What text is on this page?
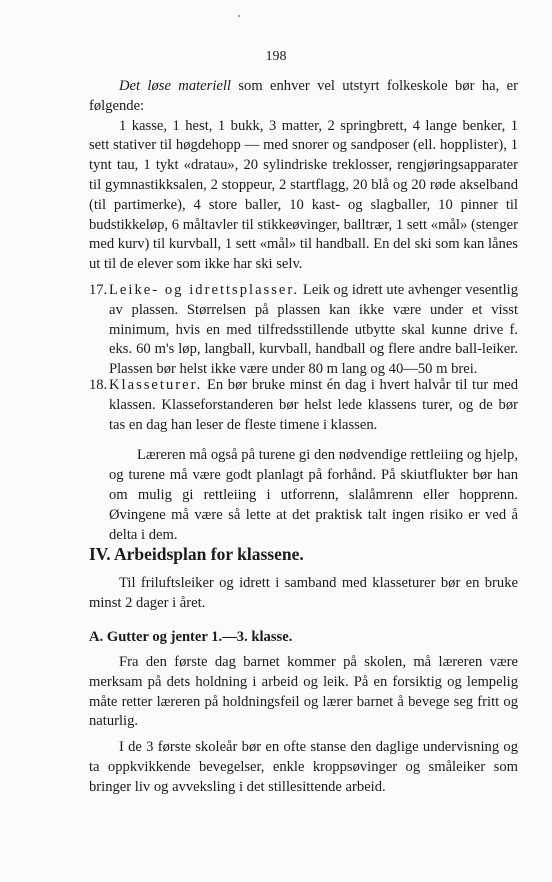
198

Det løse materiell som enhver vel utstyrt folkeskole bør ha, er følgende:

1 kasse, 1 hest, 1 bukk, 3 matter, 2 springbrett, 4 lange benker, 1 sett stativer til høgdehopp — med snorer og sandposer (ell. hopplister), 1 tynt tau, 1 tykt «dratau», 20 sylindriske treklosser, rengjøringsapparater til gymnastikksalen, 2 stoppeur, 2 startflagg, 20 blå og 20 røde akselband (til partimerke), 4 store baller, 10 kast- og slagballer, 10 pinner til budstikkeløp, 6 måltavler til stikkeøvinger, balltrær, 1 sett «mål» (stenger med kurv) til kurvball, 1 sett «mål» til handball. En del ski som kan lånes ut til de elever som ikke har ski selv.

17. Leike- og idrettsplasser. Leik og idrett ute avhenger vesentlig av plassen. Størrelsen på plassen kan ikke være under et visst minimum, hvis en med tilfredsstillende utbytte skal kunne drive f. eks. 60 m's løp, langball, kurvball, handball og flere andre ball-leiker. Plassen bør helst ikke være under 80 m lang og 40—50 m brei.

18. Klasseturer. En bør bruke minst én dag i hvert halvår til tur med klassen. Klasseforstanderen bør helst lede klassens turer, og de bør tas en dag han leser de fleste timene i klassen.

Læreren må også på turene gi den nødvendige rettleiing og hjelp, og turene må være godt planlagt på forhånd. På skiutflukter bør han om mulig gi rettleiing i utforrenn, slalåmrenn eller hopprenn. Øvingene må være så lette at det praktisk talt ingen risiko er ved å delta i dem.

IV. Arbeidsplan for klassene.

Til friluftsleiker og idrett i samband med klasseturer bør en bruke minst 2 dager i året.

A. Gutter og jenter 1.—3. klasse.

Fra den første dag barnet kommer på skolen, må læreren være merksam på dets holdning i arbeid og leik. På en forsiktig og lempelig måte retter læreren på holdningsfeil og lærer barnet å bevege seg fritt og naturlig.

I de 3 første skoleår bør en ofte stanse den daglige undervisning og ta oppkvikkende bevegelser, enkle kroppsøvinger og småleiker som bringer liv og avveksling i det stillesittende arbeid.
